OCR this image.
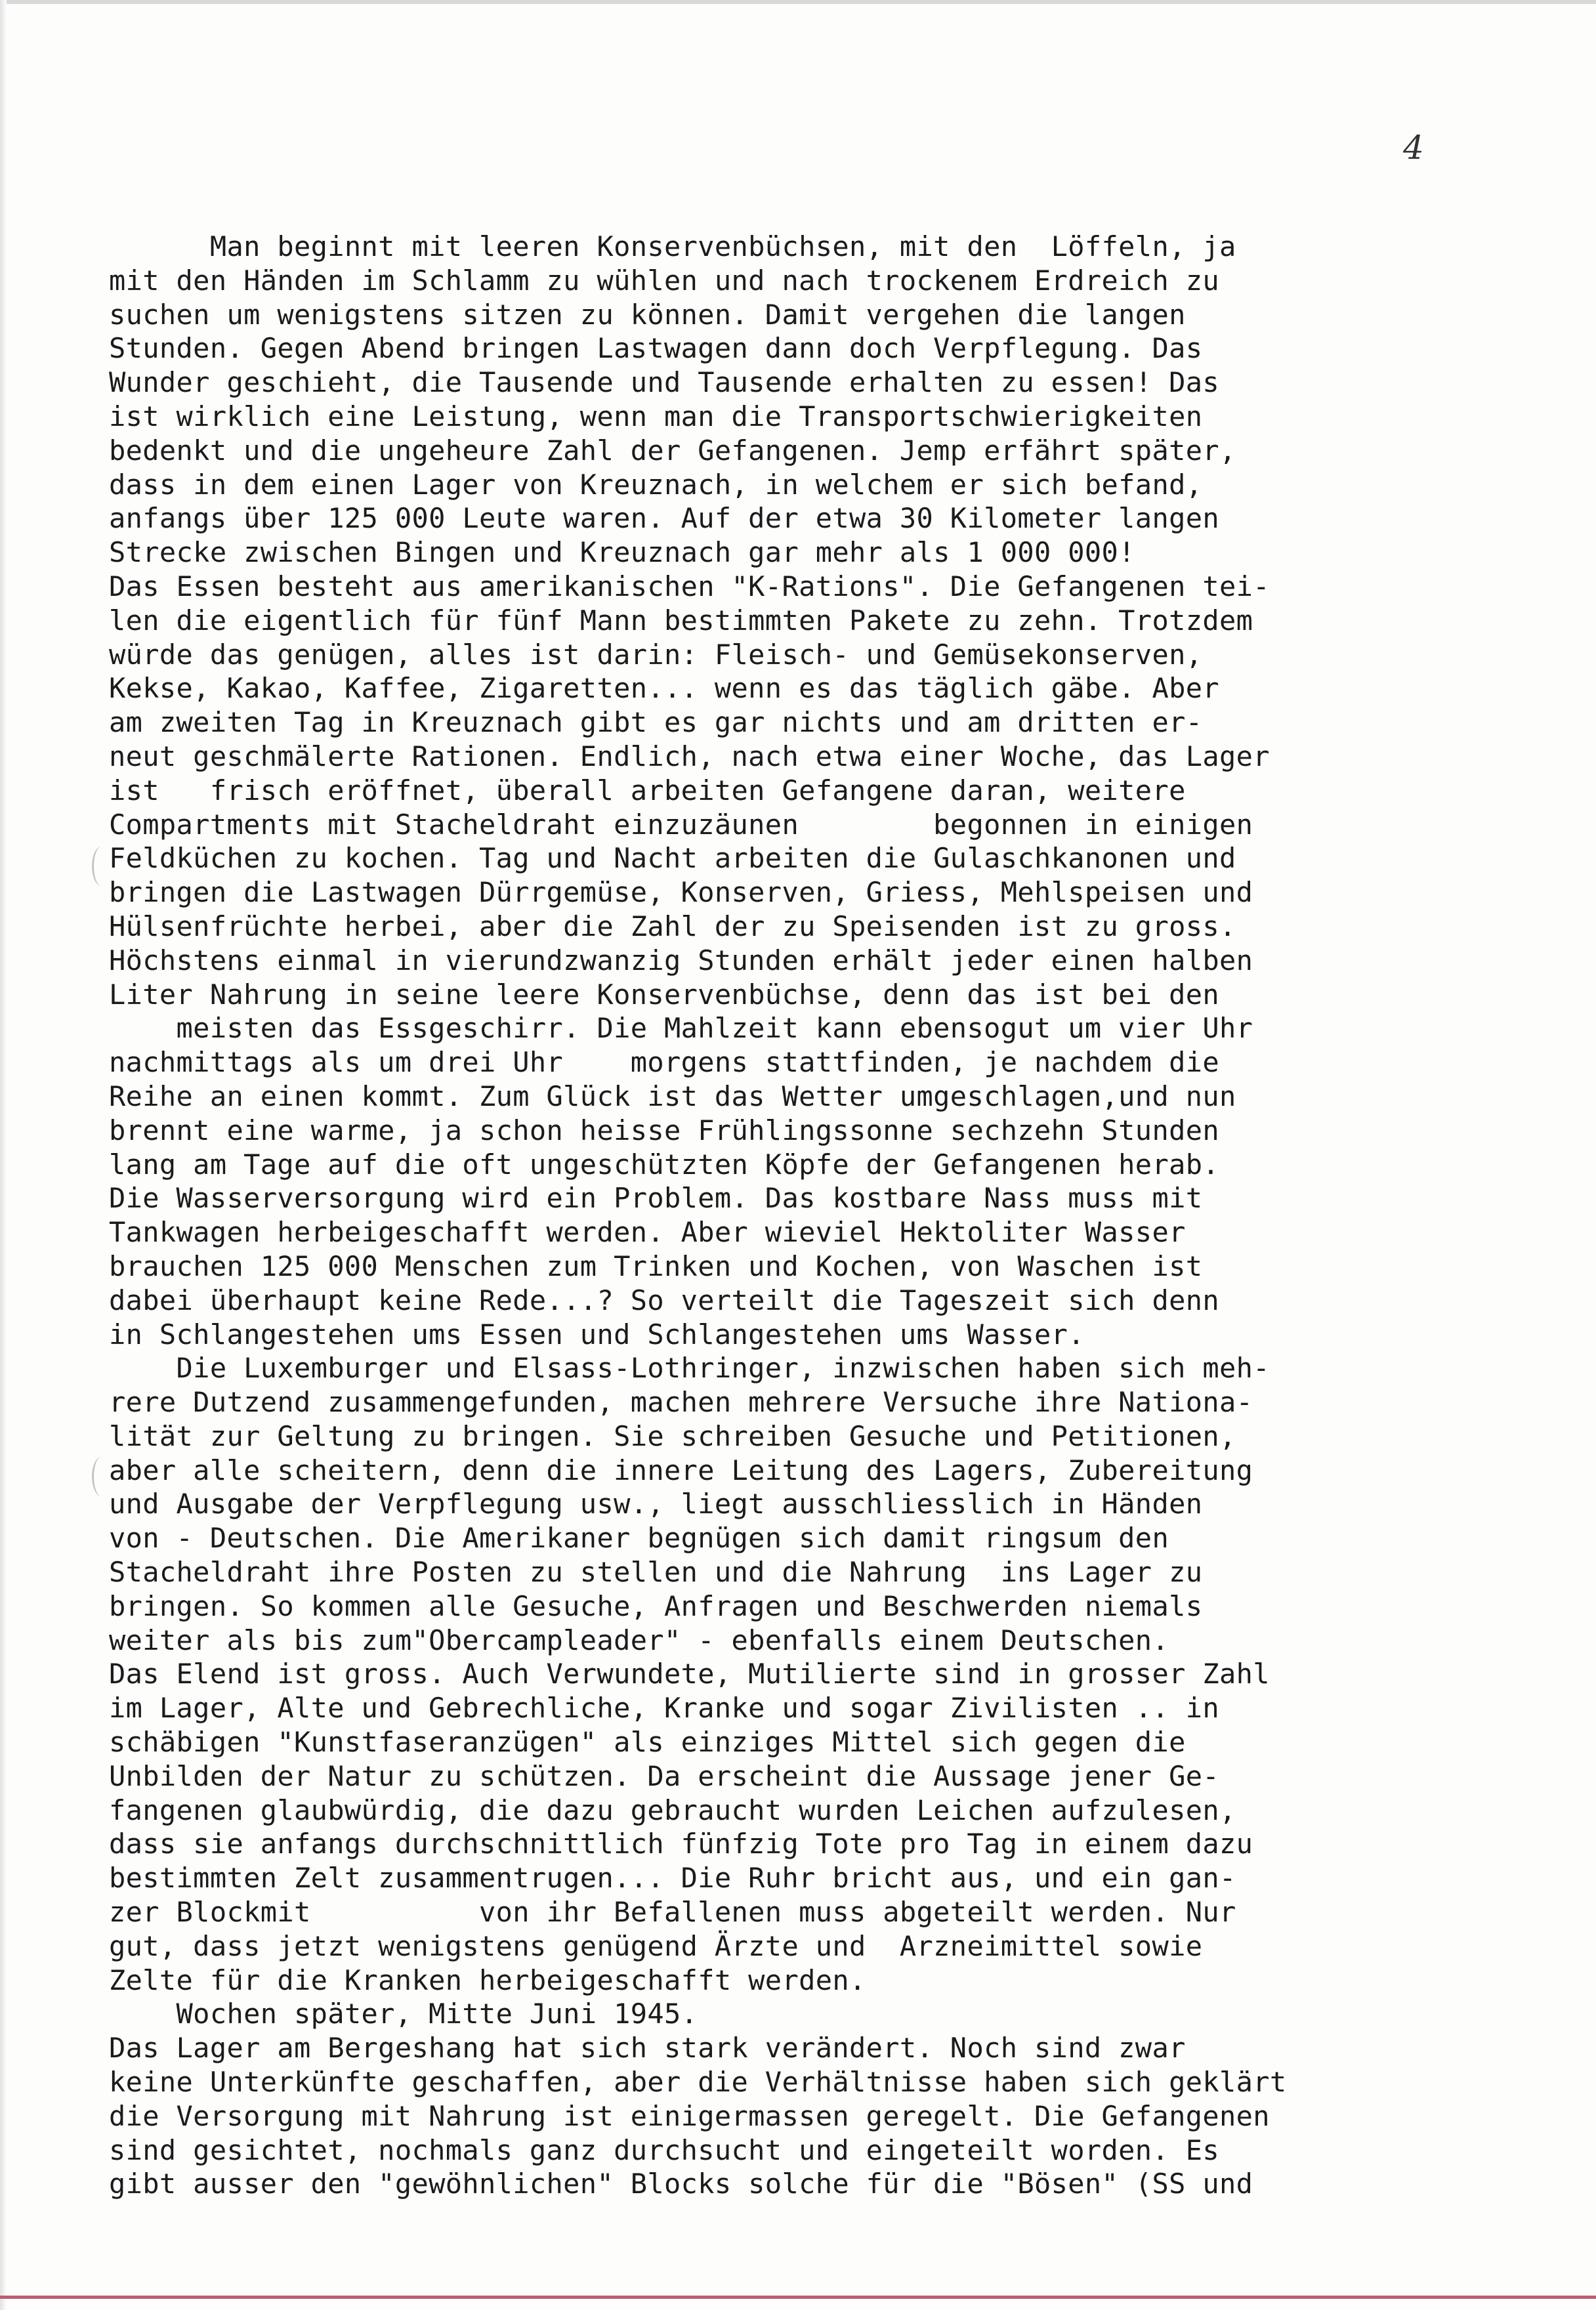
4
Man beginnt mit leeren Konservenbüchsen, mit den  Löffeln, ja
mit den Händen im Schlamm zu wühlen und nach trockenem Erdreich zu
suchen um wenigstens sitzen zu können. Damit vergehen die langen
Stunden. Gegen Abend bringen Lastwagen dann doch Verpflegung. Das
Wunder geschieht, die Tausende und Tausende erhalten zu essen! Das
ist wirklich eine Leistung, wenn man die Transportschwierigkeiten
bedenkt und die ungeheure Zahl der Gefangenen. Jemp erfährt später,
dass in dem einen Lager von Kreuznach, in welchem er sich befand,
anfangs über 125 000 Leute waren. Auf der etwa 30 Kilometer langen
Strecke zwischen Bingen und Kreuznach gar mehr als 1 000 000!
Das Essen besteht aus amerikanischen "K-Rations". Die Gefangenen tei-
len die eigentlich für fünf Mann bestimmten Pakete zu zehn. Trotzdem
würde das genügen, alles ist darin: Fleisch- und Gemüsekonserven,
Kekse, Kakao, Kaffee, Zigaretten... wenn es das täglich gäbe. Aber
am zweiten Tag in Kreuznach gibt es gar nichts und am dritten er-
neut geschmälerte Rationen. Endlich, nach etwa einer Woche, das Lager
ist   frisch eröffnet, überall arbeiten Gefangene daran, weitere
Compartments mit Stacheldraht einzuzäunen        begonnen in einigen
Feldküchen zu kochen. Tag und Nacht arbeiten die Gulaschkanonen und
bringen die Lastwagen Dürrgemüse, Konserven, Griess, Mehlspeisen und
Hülsenfrüchte herbei, aber die Zahl der zu Speisenden ist zu gross.
Höchstens einmal in vierundzwanzig Stunden erhält jeder einen halben
Liter Nahrung in seine leere Konservenbüchse, denn das ist bei den
meisten das Essgeschirr. Die Mahlzeit kann ebensogut um vier Uhr
nachmittags als um drei Uhr    morgens stattfinden, je nachdem die
Reihe an einen kommt. Zum Glück ist das Wetter umgeschlagen,und nun
brennt eine warme, ja schon heisse Frühlingssonne sechzehn Stunden
lang am Tage auf die oft ungeschützten Köpfe der Gefangenen herab.
Die Wasserversorgung wird ein Problem. Das kostbare Nass muss mit
Tankwagen herbeigeschafft werden. Aber wieviel Hektoliter Wasser
brauchen 125 000 Menschen zum Trinken und Kochen, von Waschen ist
dabei überhaupt keine Rede...? So verteilt die Tageszeit sich denn
in Schlangestehen ums Essen und Schlangestehen ums Wasser.
Die Luxemburger und Elsass-Lothringer, inzwischen haben sich meh-
rere Dutzend zusammengefunden, machen mehrere Versuche ihre Nationa-
lität zur Geltung zu bringen. Sie schreiben Gesuche und Petitionen,
aber alle scheitern, denn die innere Leitung des Lagers, Zubereitung
und Ausgabe der Verpflegung usw., liegt ausschliesslich in Händen
von - Deutschen. Die Amerikaner begnügen sich damit ringsum den
Stacheldraht ihre Posten zu stellen und die Nahrung  ins Lager zu
bringen. So kommen alle Gesuche, Anfragen und Beschwerden niemals
weiter als bis zum"Obercampleader" - ebenfalls einem Deutschen.
Das Elend ist gross. Auch Verwundete, Mutilierte sind in grosser Zahl
im Lager, Alte und Gebrechliche, Kranke und sogar Zivilisten .. in
schäbigen "Kunstfaseranzügen" als einziges Mittel sich gegen die
Unbilden der Natur zu schützen. Da erscheint die Aussage jener Ge-
fangenen glaubwürdig, die dazu gebraucht wurden Leichen aufzulesen,
dass sie anfangs durchschnittlich fünfzig Tote pro Tag in einem dazu
bestimmten Zelt zusammentrugen... Die Ruhr bricht aus, und ein gan-
zer Blockmit          von ihr Befallenen muss abgeteilt werden. Nur
gut, dass jetzt wenigstens genügend Ärzte und  Arzneimittel sowie
Zelte für die Kranken herbeigeschafft werden.
Wochen später, Mitte Juni 1945.
Das Lager am Bergeshang hat sich stark verändert. Noch sind zwar
keine Unterkünfte geschaffen, aber die Verhältnisse haben sich geklärt
die Versorgung mit Nahrung ist einigermassen geregelt. Die Gefangenen
sind gesichtet, nochmals ganz durchsucht und eingeteilt worden. Es
gibt ausser den "gewöhnlichen" Blocks solche für die "Bösen" (SS und
